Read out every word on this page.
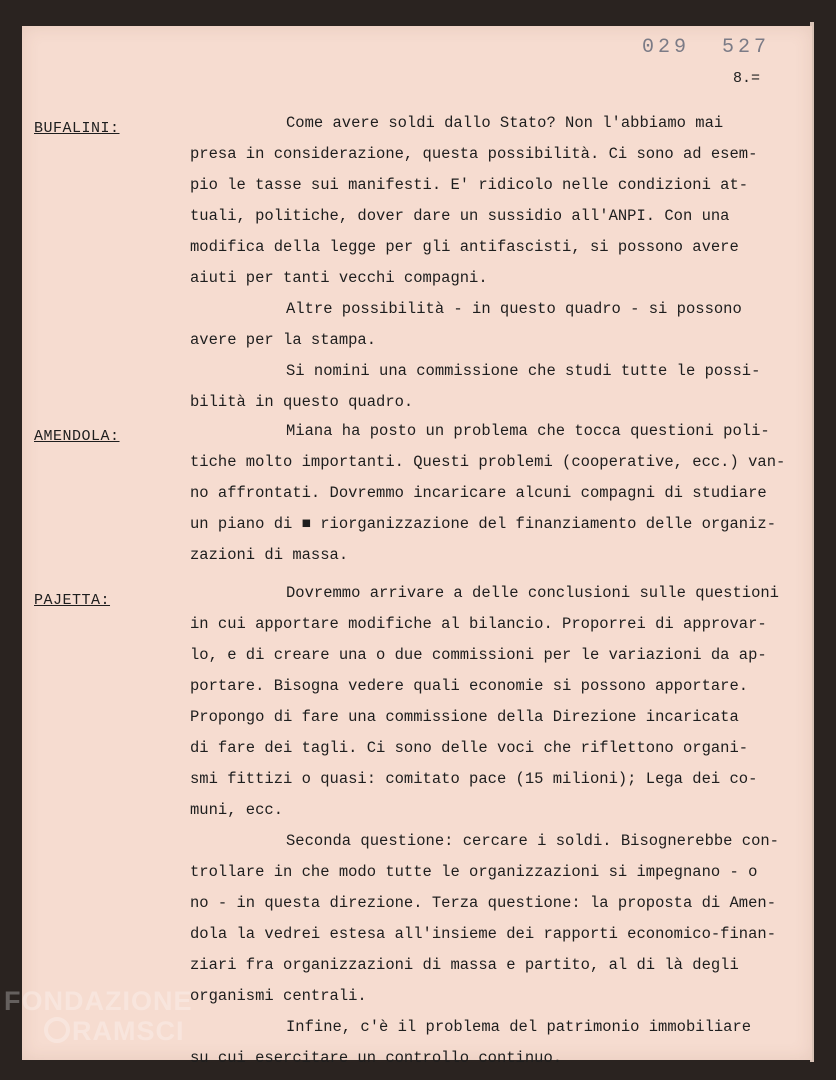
029  527
8.=
BUFALINI:	Come avere soldi dallo Stato? Non l'abbiamo mai
presa in considerazione, questa possibilità. Ci sono ad esem-
pio le tasse sui manifesti. E' ridicolo nelle condizioni at-
tuali, politiche, dover dare un sussidio all'ANPI. Con una
modifica della legge per gli antifascisti, si possono avere
aiuti per tanti vecchi compagni.
Altre possibilità - in questo quadro - si possono
avere per la stampa.
Si nomini una commissione che studi tutte le possi-
bilità in questo quadro.
AMENDOLA:	Miana ha posto un problema che tocca questioni poli-
tiche molto importanti. Questi problemi (cooperative, ecc.) van-
no affrontati. Dovremmo incaricare alcuni compagni di studiare
un piano di ■ riorganizzazione del finanziamento delle organiz-
zazioni di massa.
PAJETTA:	Dovremmo arrivare a delle conclusioni sulle questioni
in cui apportare modifiche al bilancio. Proporrei di approvar-
lo, e di creare una o due commissioni per le variazioni da ap-
portare. Bisogna vedere quali economie si possono apportare.
Propongo di fare una commissione della Direzione incaricata
di fare dei tagli. Ci sono delle voci che riflettono organi-
smi fittizi o quasi: comitato pace (15 milioni); Lega dei co-
muni, ecc.
Seconda questione: cercare i soldi. Bisognerebbe con-
trollare in che modo tutte le organizzazioni si impegnano - o
no - in questa direzione. Terza questione: la proposta di Amen-
dola la vedrei estesa all'insieme dei rapporti economico-finan-
ziari fra organizzazioni di massa e partito, al di là degli
organismi centrali.
Infine, c'è il problema del patrimonio immobiliare
su cui esercitare un controllo continuo.
FONDAZIONE
RAMSCI
